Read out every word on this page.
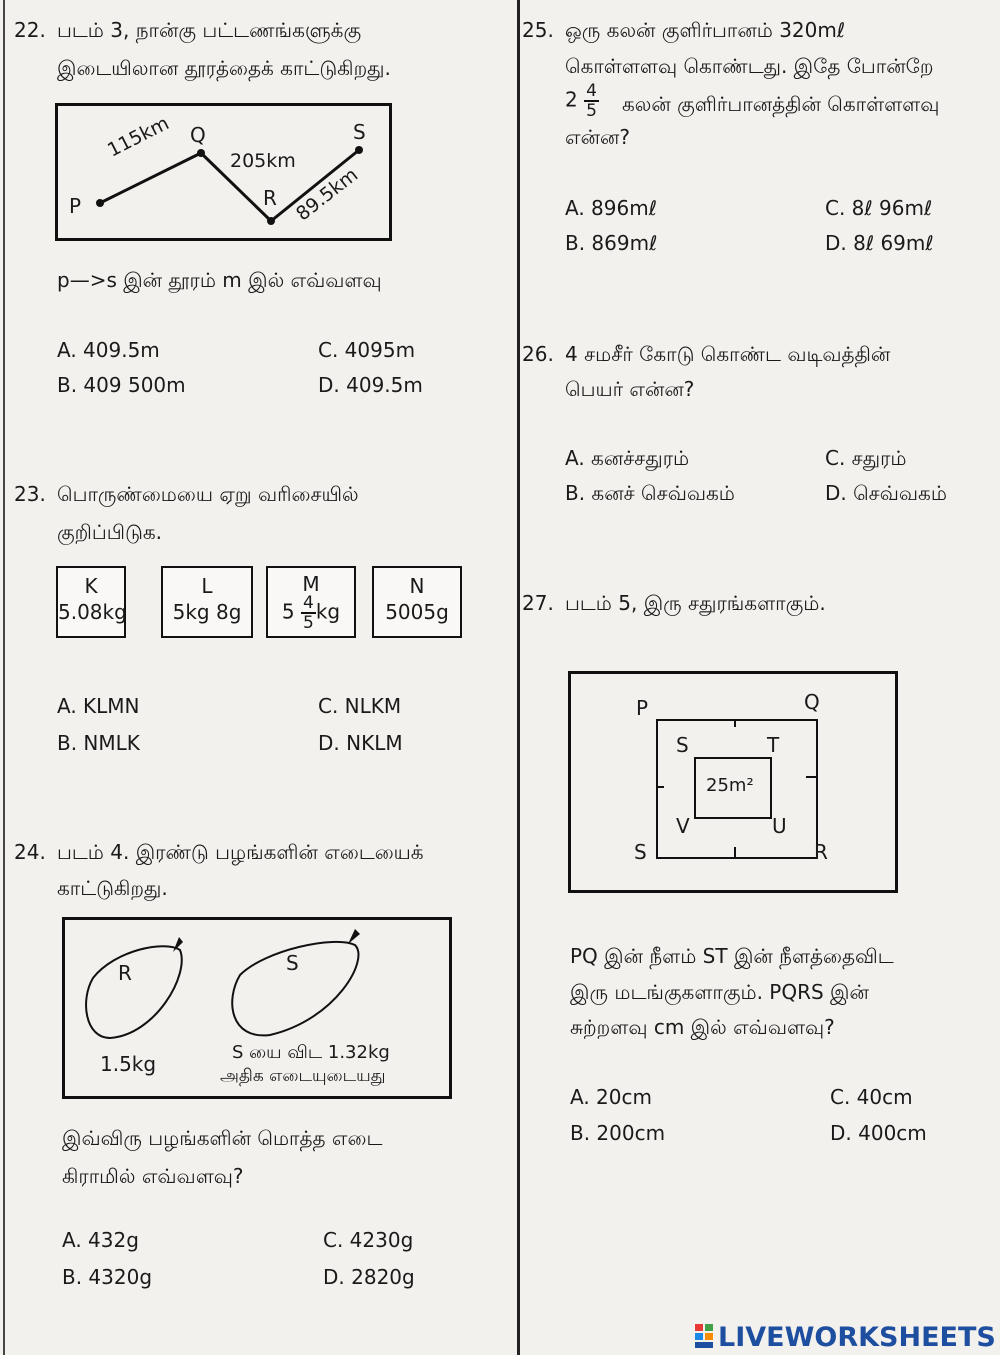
22. படம் 3, நான்கு பட்டணங்களுக்கு
இடையிலான தூரத்தைக் காட்டுகிறது.
P
Q
R
S
115km	205km
89.5km
p—>s இன் தூரம் m இல் எவ்வளவு
A. 409.5m
B. 409 500m
C. 4095m
D. 409.5m
23. பொருண்மையை ஏறு வரிசையில்
குறிப்பிடுக.
K
5.08kg
L
5kg 8g
M
$5 \frac{4}{5}$ kg
N
5005g
A. KLMN
B. NMLK
C. NLKM
D. NKLM
24. படம் 4. இரண்டு பழங்களின் எடையைக்
காட்டுகிறது.
R	S
1.5kg	S யை விட 1.32kg
அதிக எடையுடையது
இவ்விரு பழங்களின் மொத்த எடை
கிராமில் எவ்வளவு?
A. 432g
B. 4320g
C. 4230g
D. 2820g
25. ஒரு கலன் குளிர்பானம் 320mℓ
கொள்ளளவு கொண்டது. இதே போன்றே
$2 \frac{4}{5}$ கலன் குளிர்பானத்தின் கொள்ளளவு
என்ன?
A. 896mℓ
B. 869mℓ
C. 8ℓ 96mℓ
D. 8ℓ 69mℓ
26. 4 சமசீர் கோடு கொண்ட வடிவத்தின்
பெயர் என்ன?
A. கனச்சதுரம்
B. கனச் செவ்வகம்
C. சதுரம்
D. செவ்வகம்
27. படம் 5, இரு சதுரங்களாகும்.
P	Q
R
S
S	T
U
V
25m²
PQ இன் நீளம் ST இன் நீளத்தைவிட
இரு மடங்குகளாகும். PQRS இன்
சுற்றளவு cm இல் எவ்வளவு?
A. 20cm
B. 200cm
C. 40cm
D. 400cm
LIVEWORKSHEETS
